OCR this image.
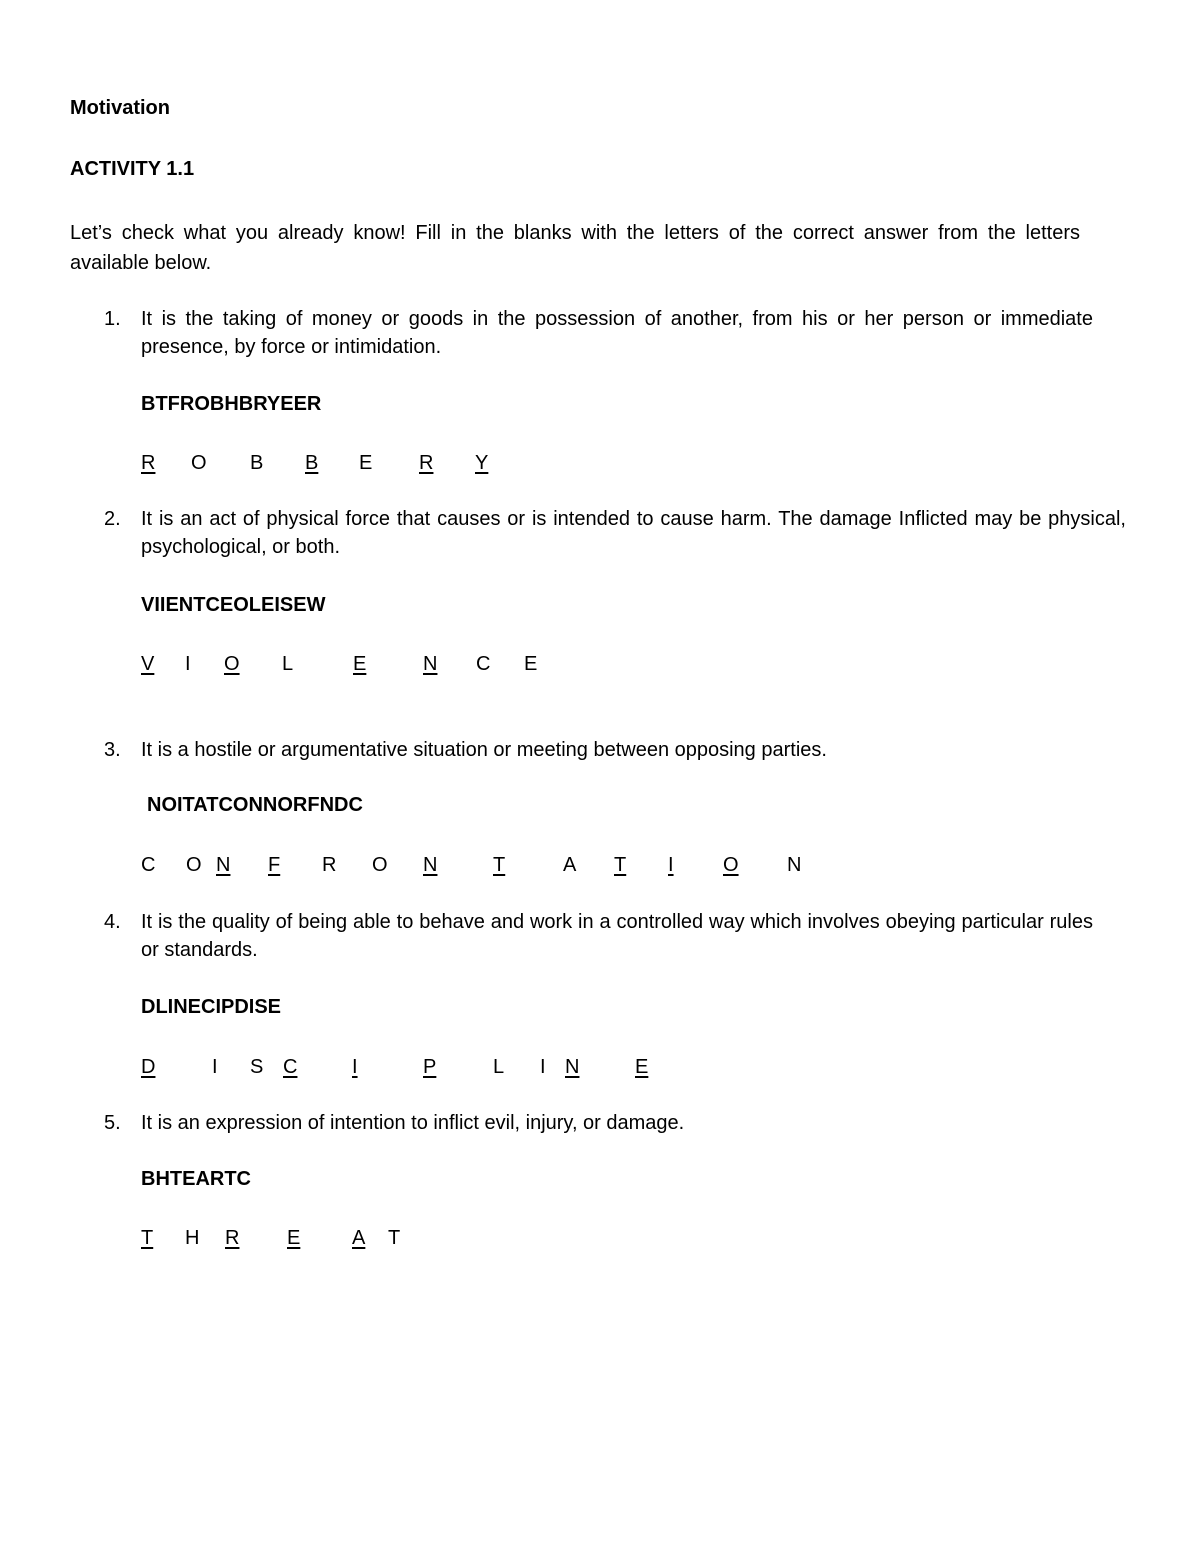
Motivation
ACTIVITY 1.1
Let’s check what you already know! Fill in the blanks with the letters of the correct answer from the letters available below.
1. It is the taking of money or goods in the possession of another, from his or her person or immediate presence, by force or intimidation.
BTFROBHBRYEER
R O B B E R Y
2. It is an act of physical force that causes or is intended to cause harm. The damage Inflicted may be physical, psychological, or both.
VIIENTCEOLEISEW
V I O L	E	N C E
3. It is a hostile or argumentative situation or meeting between opposing parties.
NOITATCONNORFNDC
C O N F R O N	T	A T I O N
4. It is the quality of being able to behave and work in a controlled way which involves obeying particular rules or standards.
DLINECIPDISE
D	I S C	I	P	L I N	E
5. It is an expression of intention to inflict evil, injury, or damage.
BHTEARTC
T H R E	A T
